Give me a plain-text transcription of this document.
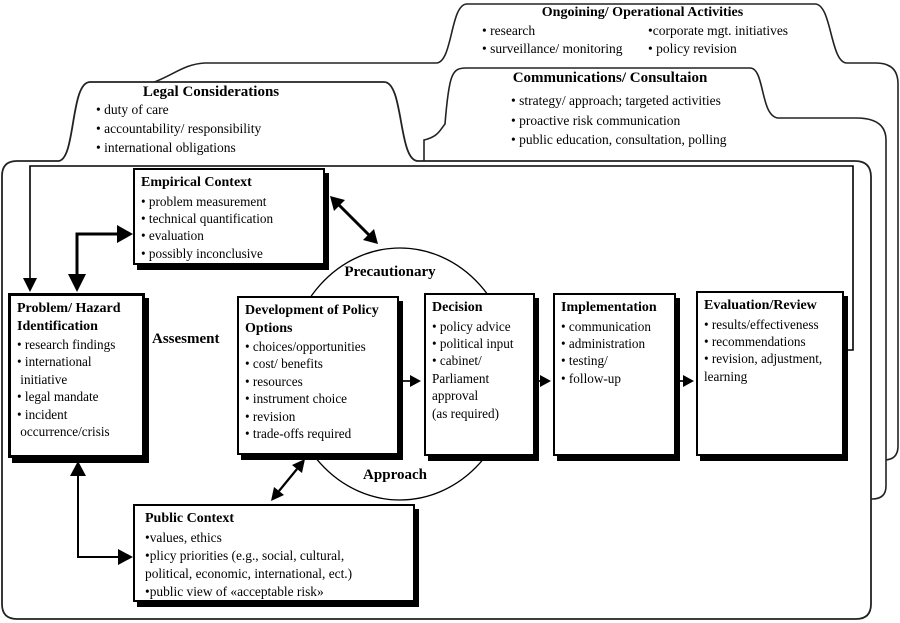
Ongoining/ Operational Activities
• research
• surveillance/ monitoring
•corporate mgt. initiatives
• policy revision
Communications/ Consultaion
• strategy/ approach; targeted activities
• proactive risk communication
• public education, consultation, polling
Legal Considerations
• duty of care
• accountability/ responsibility
• international obligations
Empirical Context
• problem measurement
• technical quantification
• evaluation
• possibly inconclusive
Problem/ Hazard
Identification
• research findings
• international
initiative
• legal mandate
• incident
occurrence/crisis
Development of Policy
Options
• choices/opportunities
• cost/ benefits
• resources
• instrument choice
• revision
• trade-offs required
Decision
• policy advice
• political input
• cabinet/
Parliament
approval
(as required)
Implementation
• communication
• administration
• testing/
• follow-up
Evaluation/Review
• results/effectiveness
• recommendations
• revision, adjustment,
learning
Public Context
•values, ethics
•plicy priorities (e.g., social, cultural,
political, economic, international, ect.)
•public view of «acceptable risk»
Precautionary
Assesment
Approach
